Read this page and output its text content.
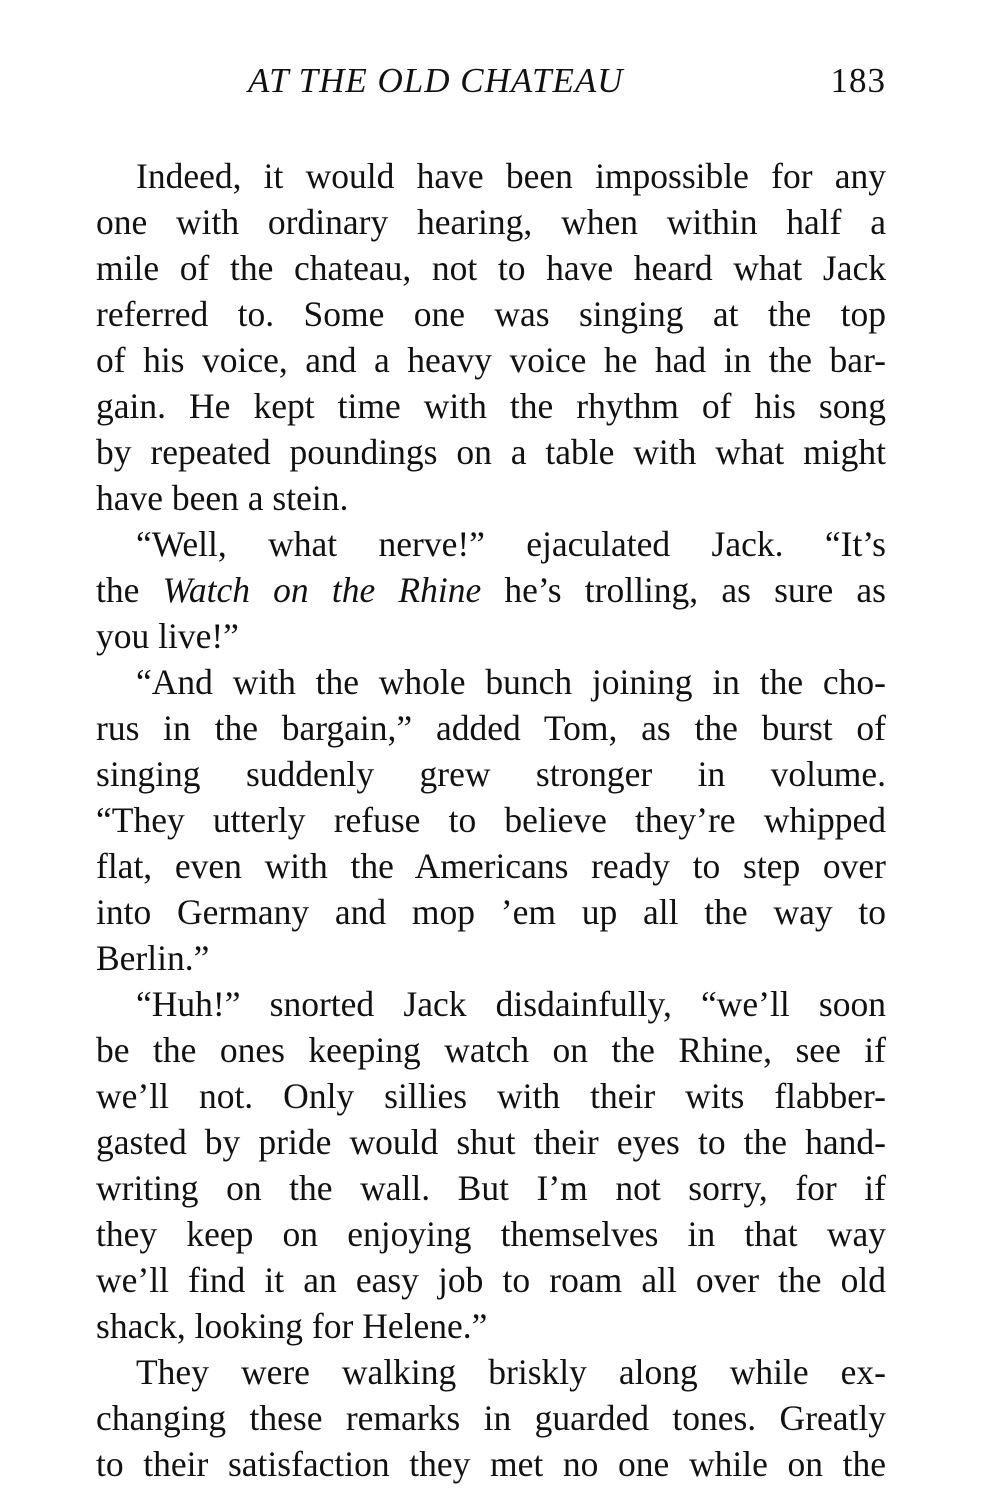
AT THE OLD CHATEAU	183

Indeed, it would have been impossible for any
one with ordinary hearing, when within half a
mile of the chateau, not to have heard what Jack
referred to. Some one was singing at the top
of his voice, and a heavy voice he had in the bar-
gain. He kept time with the rhythm of his song
by repeated poundings on a table with what might
have been a stein.

“Well, what nerve!” ejaculated Jack. “It’s
the Watch on the Rhine he’s trolling, as sure as
you live!”

“And with the whole bunch joining in the cho-
rus in the bargain,” added Tom, as the burst of
singing suddenly grew stronger in volume.
“They utterly refuse to believe they’re whipped
flat, even with the Americans ready to step over
into Germany and mop ’em up all the way to
Berlin.”

“Huh!” snorted Jack disdainfully, “we’ll soon
be the ones keeping watch on the Rhine, see if
we’ll not. Only sillies with their wits flabber-
gasted by pride would shut their eyes to the hand-
writing on the wall. But I’m not sorry, for if
they keep on enjoying themselves in that way
we’ll find it an easy job to roam all over the old
shack, looking for Helene.”

They were walking briskly along while ex-
changing these remarks in guarded tones. Greatly
to their satisfaction they met no one while on the
